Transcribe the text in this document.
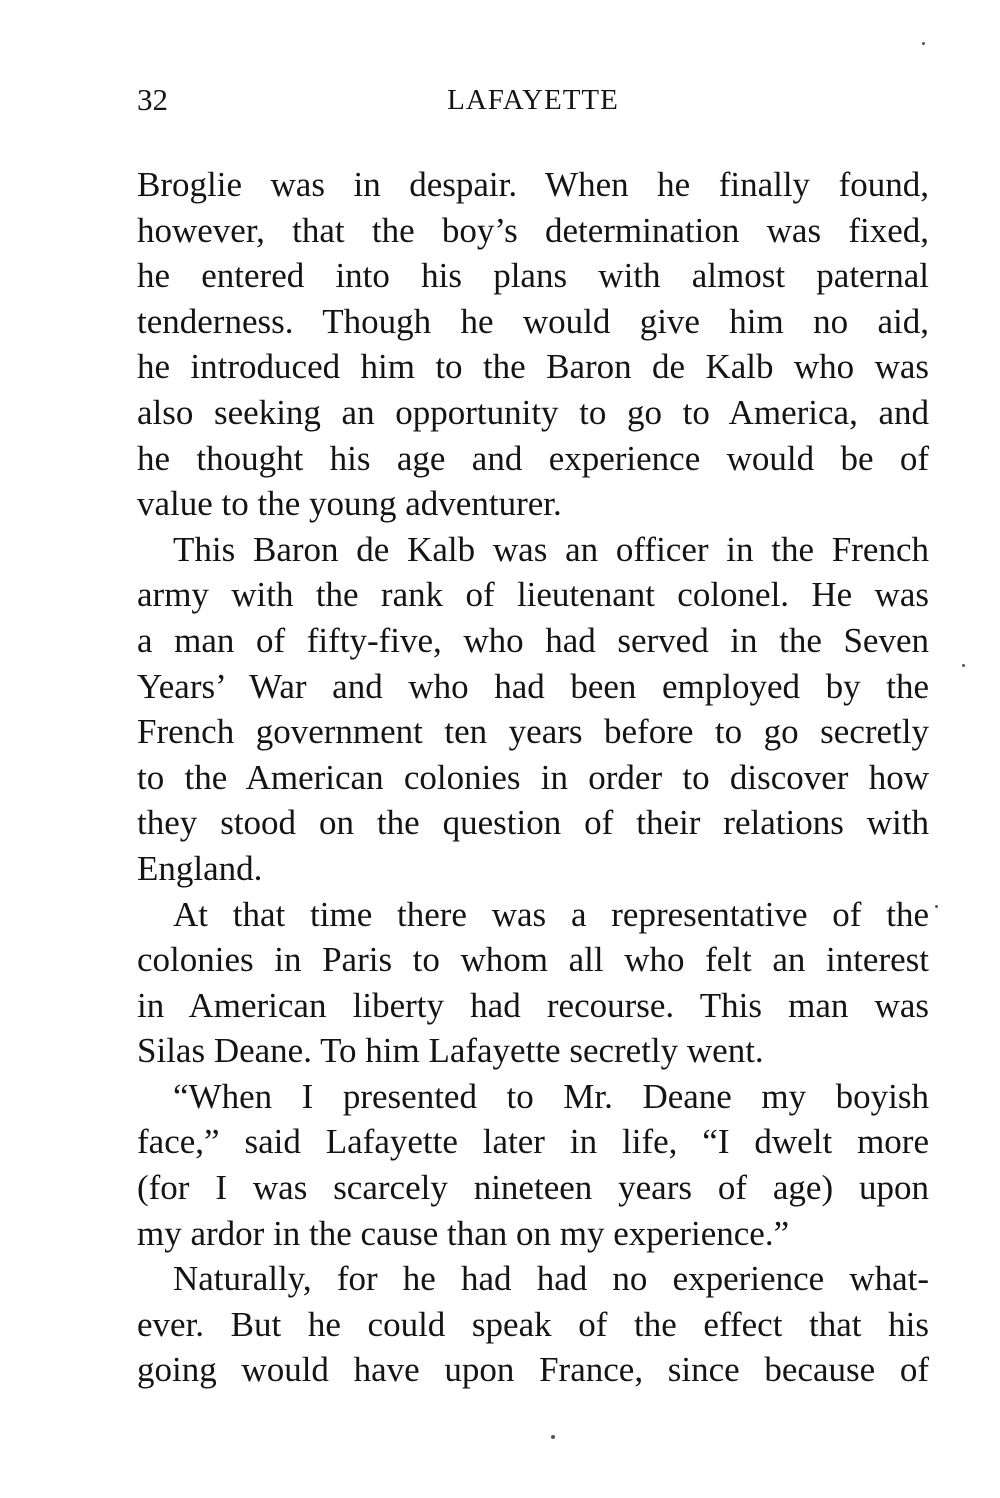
32	LAFAYETTE
Broglie was in despair. When he finally found,
however, that the boy’s determination was fixed,
he entered into his plans with almost paternal
tenderness. Though he would give him no aid,
he introduced him to the Baron de Kalb who was
also seeking an opportunity to go to America, and
he thought his age and experience would be of
value to the young adventurer.
This Baron de Kalb was an officer in the French
army with the rank of lieutenant colonel. He was
a man of fifty-five, who had served in the Seven
Years’ War and who had been employed by the
French government ten years before to go secretly
to the American colonies in order to discover how
they stood on the question of their relations with
England.
At that time there was a representative of the
colonies in Paris to whom all who felt an interest
in American liberty had recourse. This man was
Silas Deane. To him Lafayette secretly went.
“When I presented to Mr. Deane my boyish
face,” said Lafayette later in life, “I dwelt more
(for I was scarcely nineteen years of age) upon
my ardor in the cause than on my experience.”
Naturally, for he had had no experience what-
ever. But he could speak of the effect that his
going would have upon France, since because of
